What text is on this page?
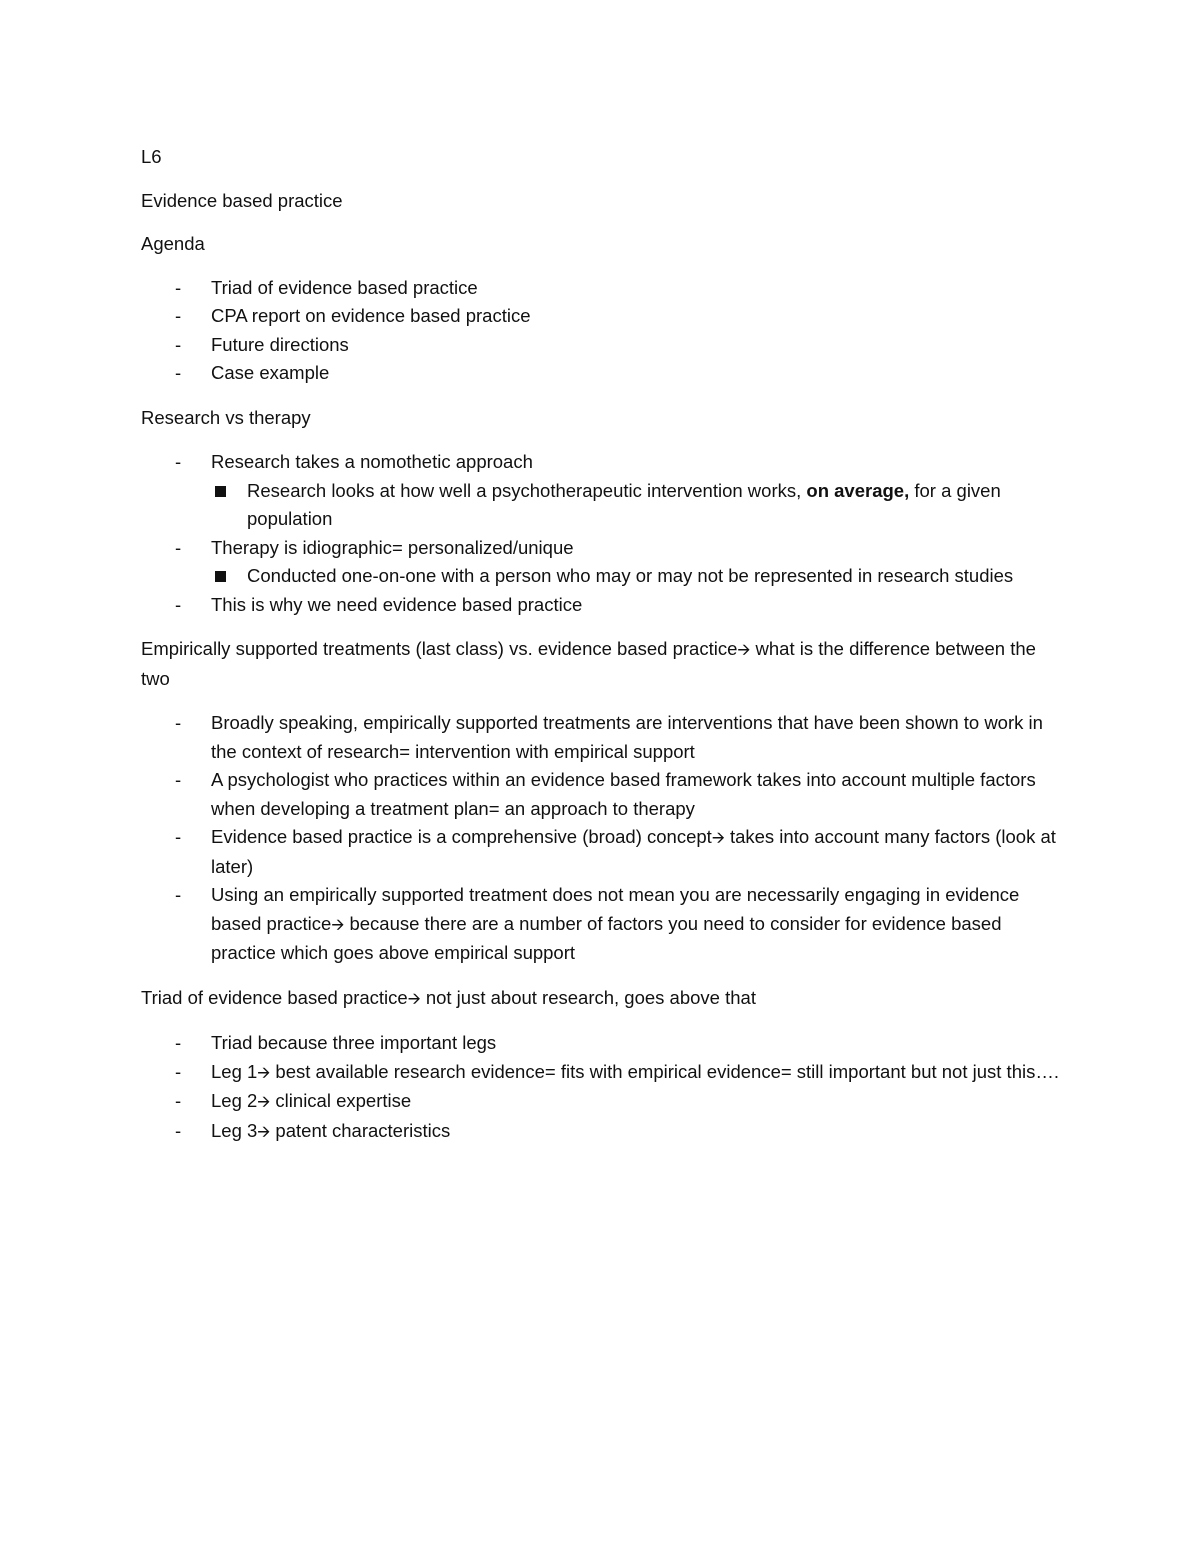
L6

Evidence based practice

Agenda

- Triad of evidence based practice
- CPA report on evidence based practice
- Future directions
- Case example

Research vs therapy

- Research takes a nomothetic approach
Research looks at how well a psychotherapeutic intervention works, on average, for a given population
- Therapy is idiographic= personalized/unique
Conducted one-on-one with a person who may or may not be represented in research studies
- This is why we need evidence based practice

Empirically supported treatments (last class) vs. evidence based practice🡪 what is the difference between the two

- Broadly speaking, empirically supported treatments are interventions that have been shown to work in the context of research= intervention with empirical support
- A psychologist who practices within an evidence based framework takes into account multiple factors when developing a treatment plan= an approach to therapy
- Evidence based practice is a comprehensive (broad) concept🡪 takes into account many factors (look at later)
- Using an empirically supported treatment does not mean you are necessarily engaging in evidence based practice🡪 because there are a number of factors you need to consider for evidence based practice which goes above empirical support

Triad of evidence based practice🡪 not just about research, goes above that

- Triad because three important legs
- Leg 1🡪 best available research evidence= fits with empirical evidence= still important but not just this….
- Leg 2🡪 clinical expertise
- Leg 3🡪 patent characteristics
